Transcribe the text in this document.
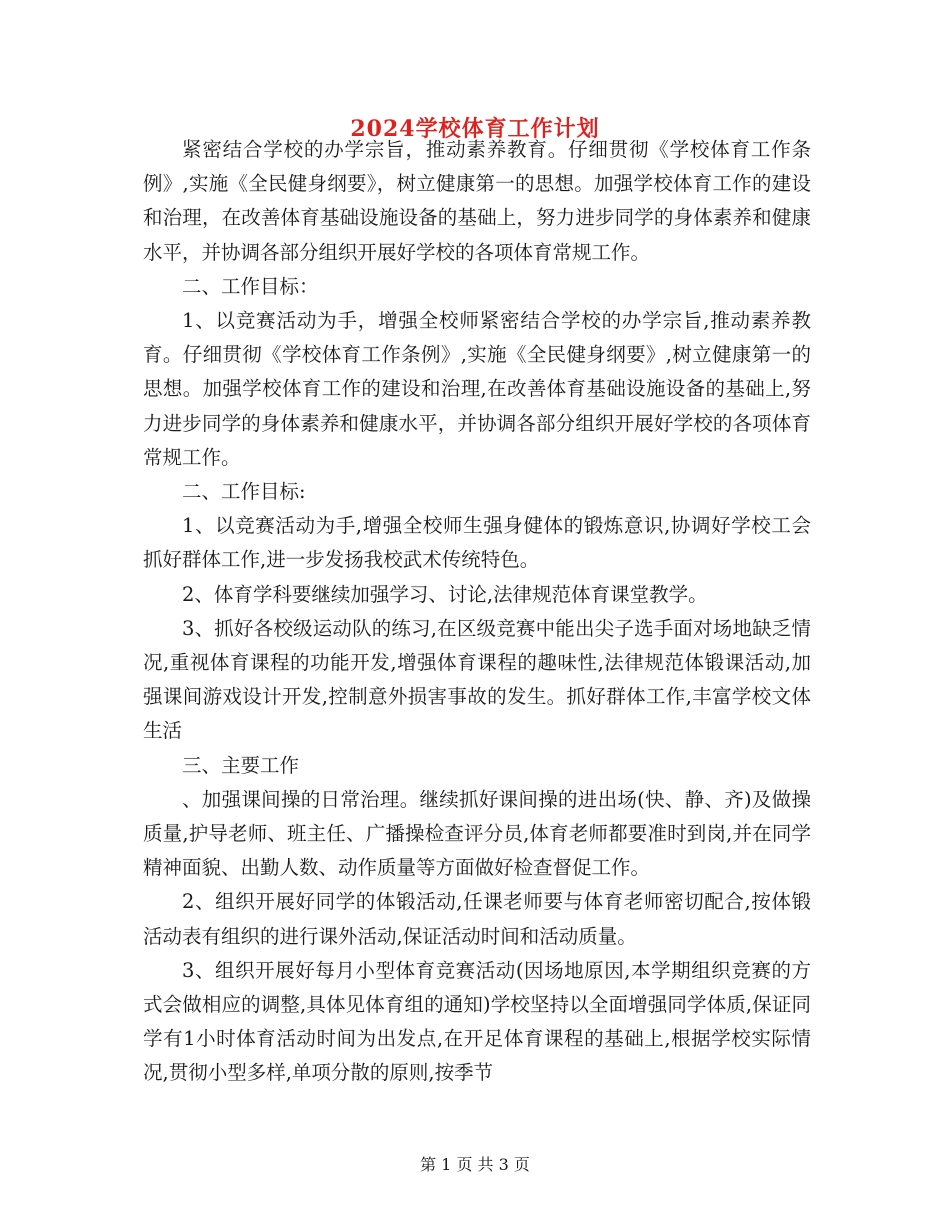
2024学校体育工作计划

紧密结合学校的办学宗旨，推动素养教育。仔细贯彻《学校体育工作条例》,实施《全民健身纲要》，树立健康第一的思想。加强学校体育工作的建设和治理，在改善体育基础设施设备的基础上，努力进步同学的身体素养和健康水平，并协调各部分组织开展好学校的各项体育常规工作。

二、工作目标：

1、以竞赛活动为手，增强全校师紧密结合学校的办学宗旨,推动素养教育。仔细贯彻《学校体育工作条例》,实施《全民健身纲要》,树立健康第一的思想。加强学校体育工作的建设和治理,在改善体育基础设施设备的基础上,努力进步同学的身体素养和健康水平，并协调各部分组织开展好学校的各项体育常规工作。

二、工作目标:

1、以竞赛活动为手,增强全校师生强身健体的锻炼意识,协调好学校工会抓好群体工作,进一步发扬我校武术传统特色。

2、体育学科要继续加强学习、讨论,法律规范体育课堂教学。

3、抓好各校级运动队的练习,在区级竞赛中能出尖子选手面对场地缺乏情况,重视体育课程的功能开发,增强体育课程的趣味性,法律规范体锻课活动,加强课间游戏设计开发,控制意外损害事故的发生。抓好群体工作,丰富学校文体生活

三、主要工作

、加强课间操的日常治理。继续抓好课间操的进出场(快、静、齐)及做操质量,护导老师、班主任、广播操检查评分员,体育老师都要准时到岗,并在同学精神面貌、出勤人数、动作质量等方面做好检查督促工作。

2、组织开展好同学的体锻活动,任课老师要与体育老师密切配合,按体锻活动表有组织的进行课外活动,保证活动时间和活动质量。

3、组织开展好每月小型体育竞赛活动(因场地原因,本学期组织竞赛的方式会做相应的调整,具体见体育组的通知)学校坚持以全面增强同学体质,保证同学有1小时体育活动时间为出发点,在开足体育课程的基础上,根据学校实际情况,贯彻小型多样,单项分散的原则,按季节

第 1 页 共 3 页
